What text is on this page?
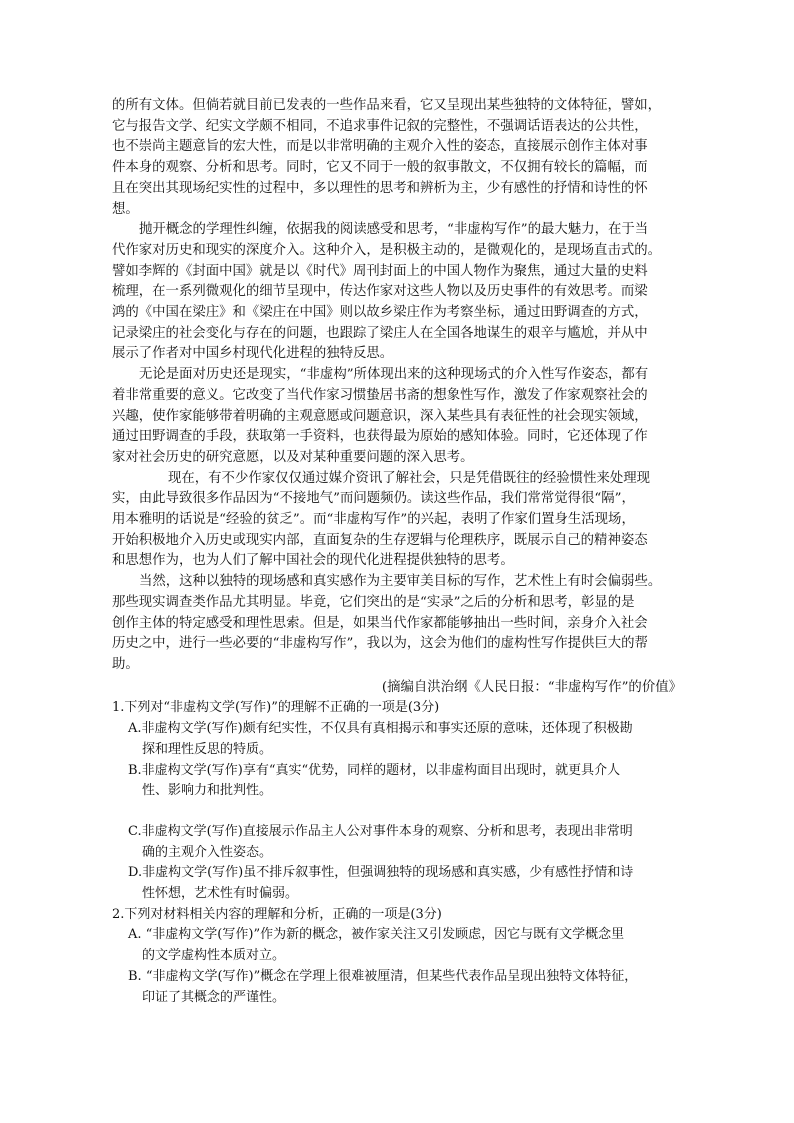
的所有文体。但倘若就目前已发表的一些作品来看，它又呈现出某些独特的文体特征，譬如，
它与报告文学、纪实文学颇不相同，不追求事件记叙的完整性，不强调话语表达的公共性，
也不崇尚主题意旨的宏大性，而是以非常明确的主观介入性的姿态，直接展示创作主体对事
件本身的观察、分析和思考。同时，它又不同于一般的叙事散文，不仅拥有较长的篇幅，而
且在突出其现场纪实性的过程中，多以理性的思考和辨析为主，少有感性的抒情和诗性的怀
想。
抛开概念的学理性纠缠，依据我的阅读感受和思考，“非虚构写作”的最大魅力，在于当
代作家对历史和现实的深度介入。这种介入，是积极主动的，是微观化的，是现场直击式的。
譬如李辉的《封面中国》就是以《时代》周刊封面上的中国人物作为聚焦，通过大量的史料
梳理，在一系列微观化的细节呈现中，传达作家对这些人物以及历史事件的有效思考。而梁
鸿的《中国在梁庄》和《梁庄在中国》则以故乡梁庄作为考察坐标，通过田野调查的方式，
记录梁庄的社会变化与存在的问题，也跟踪了梁庄人在全国各地谋生的艰辛与尴尬，并从中
展示了作者对中国乡村现代化进程的独特反思。
无论是面对历史还是现实，“非虚构”所体现出来的这种现场式的介入性写作姿态，都有
着非常重要的意义。它改变了当代作家习惯蛰居书斋的想象性写作，激发了作家观察社会的
兴趣，使作家能够带着明确的主观意愿或问题意识，深入某些具有表征性的社会现实领域，
通过田野调查的手段，获取第一手资料，也获得最为原始的感知体验。同时，它还体现了作
家对社会历史的研究意愿，以及对某种重要问题的深入思考。
现在，有不少作家仅仅通过媒介资讯了解社会，只是凭借既往的经验惯性来处理现
实，由此导致很多作品因为“不接地气”而问题频仍。读这些作品，我们常常觉得很“隔”，
用本雅明的话说是“经验的贫乏”。而“非虚构写作”的兴起，表明了作家们置身生活现场，
开始积极地介入历史或现实内部，直面复杂的生存逻辑与伦理秩序，既展示自己的精神姿态
和思想作为，也为人们了解中国社会的现代化进程提供独特的思考。
当然，这种以独特的现场感和真实感作为主要审美目标的写作，艺术性上有时会偏弱些。
那些现实调查类作品尤其明显。毕竟，它们突出的是“实录”之后的分析和思考，彰显的是
创作主体的特定感受和理性思索。但是，如果当代作家都能够抽出一些时间，亲身介入社会
历史之中，进行一些必要的“非虚构写作”，我以为，这会为他们的虚构性写作提供巨大的帮
助。
(摘编自洪治纲《人民日报：“非虚构写作”的价值》
1.下列对“非虚构文学(写作)”的理解不正确的一项是(3分)
A.非虚构文学(写作)颇有纪实性，不仅具有真相揭示和事实还原的意味，还体现了积极勘
探和理性反思的特质。
B.非虚构文学(写作)享有“真实“优势，同样的题材，以非虚构面目出现时，就更具介人
性、影响力和批判性。
C.非虚构文学(写作)直接展示作品主人公对事件本身的观察、分析和思考，表现出非常明
确的主观介入性姿态。
D.非虚构文学(写作)虽不排斥叙事性，但强调独特的现场感和真实感，少有感性抒情和诗
性怀想，艺术性有时偏弱。
2.下列对材料相关内容的理解和分析，正确的一项是(3分)
A. “非虚构文学(写作)”作为新的概念，被作家关注又引发顾虑，因它与既有文学概念里
的文学虚构性本质对立。
B. “非虚构文学(写作)”概念在学理上很难被厘清，但某些代表作品呈现出独特文体特征，
印证了其概念的严谨性。
